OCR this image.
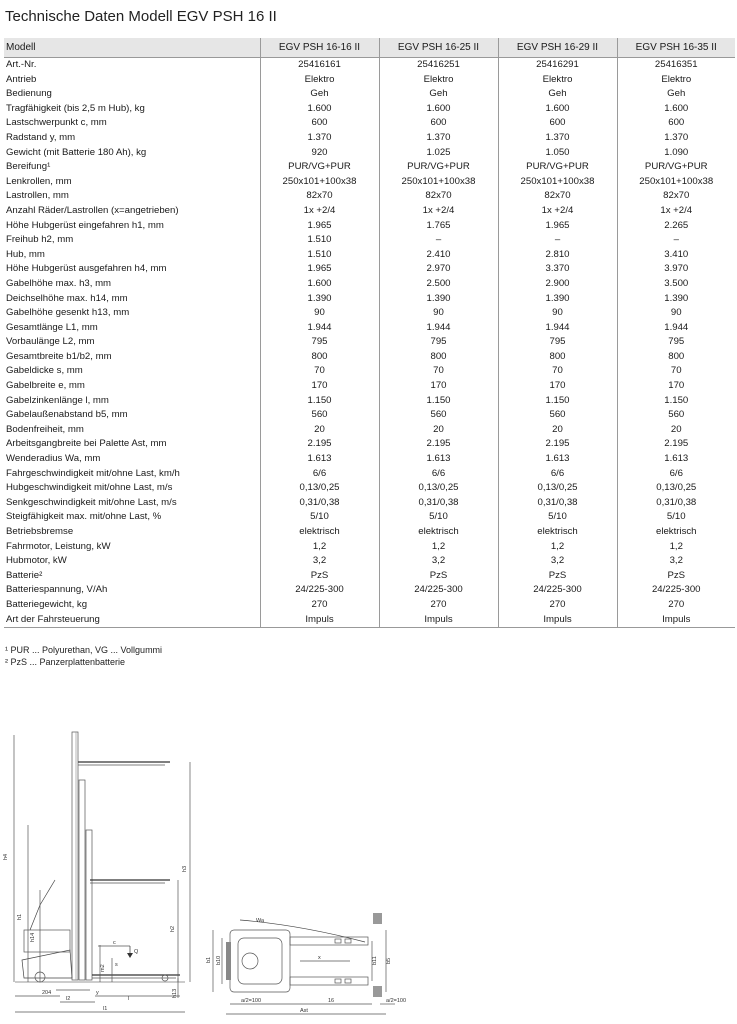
Technische Daten Modell EGV PSH 16 II
Modell	EGV PSH 16-16 II	EGV PSH 16-25 II	EGV PSH 16-29 II	EGV PSH 16-35 II
Art.-Nr.	25416161	25416251	25416291	25416351
Antrieb	Elektro	Elektro	Elektro	Elektro
Bedienung	Geh	Geh	Geh	Geh
Tragfähigkeit (bis 2,5 m Hub), kg	1.600	1.600	1.600	1.600
Lastschwerpunkt c, mm	600	600	600	600
Radstand y, mm	1.370	1.370	1.370	1.370
Gewicht (mit Batterie 180 Ah), kg	920	1.025	1.050	1.090
Bereifung¹	PUR/VG+PUR	PUR/VG+PUR	PUR/VG+PUR	PUR/VG+PUR
Lenkrollen, mm	250x101+100x38	250x101+100x38	250x101+100x38	250x101+100x38
Lastrollen, mm	82x70	82x70	82x70	82x70
Anzahl Räder/Lastrollen (x=angetrieben)	1x +2/4	1x +2/4	1x +2/4	1x +2/4
Höhe Hubgerüst eingefahren h1, mm	1.965	1.765	1.965	2.265
Freihub h2, mm	1.510	–	–	–
Hub, mm	1.510	2.410	2.810	3.410
Höhe Hubgerüst ausgefahren h4, mm	1.965	2.970	3.370	3.970
Gabelhöhe max. h3, mm	1.600	2.500	2.900	3.500
Deichselhöhe max. h14, mm	1.390	1.390	1.390	1.390
Gabelhöhe gesenkt h13, mm	90	90	90	90
Gesamtlänge L1, mm	1.944	1.944	1.944	1.944
Vorbaulänge L2, mm	795	795	795	795
Gesamtbreite b1/b2, mm	800	800	800	800
Gabeldicke s, mm	70	70	70	70
Gabelbreite e, mm	170	170	170	170
Gabelzinkenlänge l, mm	1.150	1.150	1.150	1.150
Gabelaußenabstand b5, mm	560	560	560	560
Bodenfreiheit, mm	20	20	20	20
Arbeitsgangbreite bei Palette Ast, mm	2.195	2.195	2.195	2.195
Wenderadius Wa, mm	1.613	1.613	1.613	1.613
Fahrgeschwindigkeit mit/ohne Last, km/h	6/6	6/6	6/6	6/6
Hubgeschwindigkeit mit/ohne Last, m/s	0,13/0,25	0,13/0,25	0,13/0,25	0,13/0,25
Senkgeschwindigkeit mit/ohne Last, m/s	0,31/0,38	0,31/0,38	0,31/0,38	0,31/0,38
Steigfähigkeit max. mit/ohne Last, %	5/10	5/10	5/10	5/10
Betriebsbremse	elektrisch	elektrisch	elektrisch	elektrisch
Fahrmotor, Leistung, kW	1,2	1,2	1,2	1,2
Hubmotor, kW	3,2	3,2	3,2	3,2
Batterie²	PzS	PzS	PzS	PzS
Batteriespannung, V/Ah	24/225-300	24/225-300	24/225-300	24/225-300
Batteriegewicht, kg	270	270	270	270
Art der Fahrsteuerung	Impuls	Impuls	Impuls	Impuls
¹ PUR ... Polyurethan, VG ... Vollgummi
² PzS ... Panzerplattenbatterie
h4
h1
h14
h3
h2
h13
m2 s
c
Q
204	y
l2	l
l1
Wa
b1 b10	x	b11 b5
16
a/2=100	a/2=100
Ast
